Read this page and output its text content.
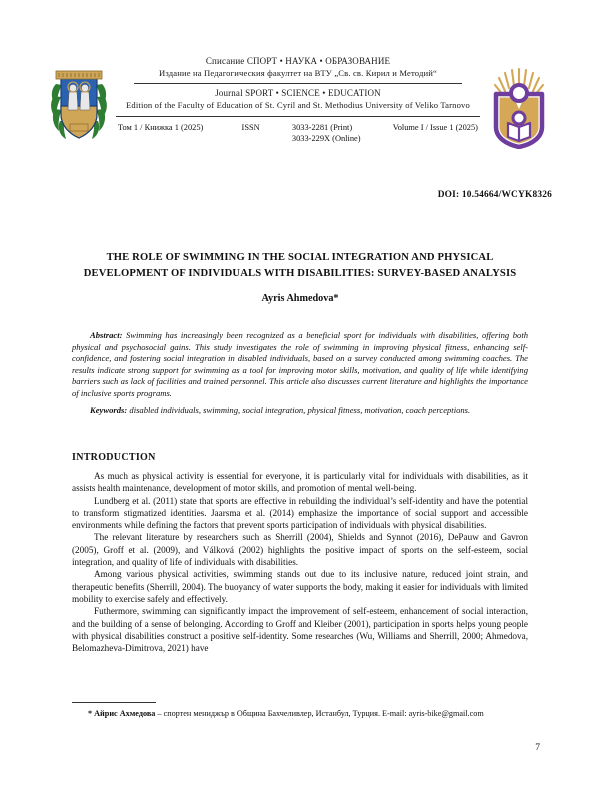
Списание СПОРТ • НАУКА • ОБРАЗОВАНИЕ
Издание на Педагогическия факултет на ВТУ „Св. св. Кирил и Методий“
Journal SPORT • SCIENCE • EDUCATION
Edition of the Faculty of Education of St. Cyril and St. Methodius University of Veliko Tarnovo
Том 1 / Книжка 1 (2025)	ISSN	3033-2281 (Print)
3033-229X (Online)
Volume I / Issue 1 (2025)
DOI: 10.54664/WCYK8326
THE ROLE OF SWIMMING IN THE SOCIAL INTEGRATION AND PHYSICAL
DEVELOPMENT OF INDIVIDUALS WITH DISABILITIES: SURVEY-BASED ANALYSIS
Ayris Ahmedova*

Abstract: Swimming has increasingly been recognized as a beneficial sport for individuals with disabilities, offering both physical and psychosocial gains. This study investigates the role of swimming in improving physical fitness, enhancing self-confidence, and fostering social integration in disabled individuals, based on a survey conducted among swimming coaches. The results indicate strong support for swimming as a tool for improving motor skills, motivation, and quality of life while identifying barriers such as lack of facilities and trained personnel. This article also discusses current literature and highlights the importance of inclusive sports programs.

Keywords: disabled individuals, swimming, social integration, physical fitness, motivation, coach perceptions.

INTRODUCTION

As much as physical activity is essential for everyone, it is particularly vital for individuals with disabilities, as it assists health maintenance, development of motor skills, and promotion of mental well-being.

Lundberg et al. (2011) state that sports are effective in rebuilding the individual’s self-identity and have the potential to transform stigmatized identities. Jaarsma et al. (2014) emphasize the importance of social support and accessible environments while defining the factors that prevent sports participation of individuals with physical disabilities.

The relevant literature by researchers such as Sherrill (2004), Shields and Synnot (2016), DePauw and Gavron (2005), Groff et al. (2009), and Válková (2002) highlights the positive impact of sports on the self-esteem, social integration, and quality of life of individuals with disabilities.

Among various physical activities, swimming stands out due to its inclusive nature, reduced joint strain, and therapeutic benefits (Sherrill, 2004). The buoyancy of water supports the body, making it easier for individuals with limited mobility to exercise safely and effectively.

Futhermore, swimming can significantly impact the improvement of self-esteem, enhancement of social interaction, and the building of a sense of belonging. According to Groff and Kleiber (2001), participation in sports helps young people with physical disabilities construct a positive self-identity. Some researches (Wu, Williams and Sherrill, 2000; Ahmedova, Belomazheva-Dimitrova, 2021) have

* Айрис Ахмедова – спортен мениджър в Община Бахчеливлер, Истанбул, Турция. E-mail: ayris-bike@gmail.com

7
